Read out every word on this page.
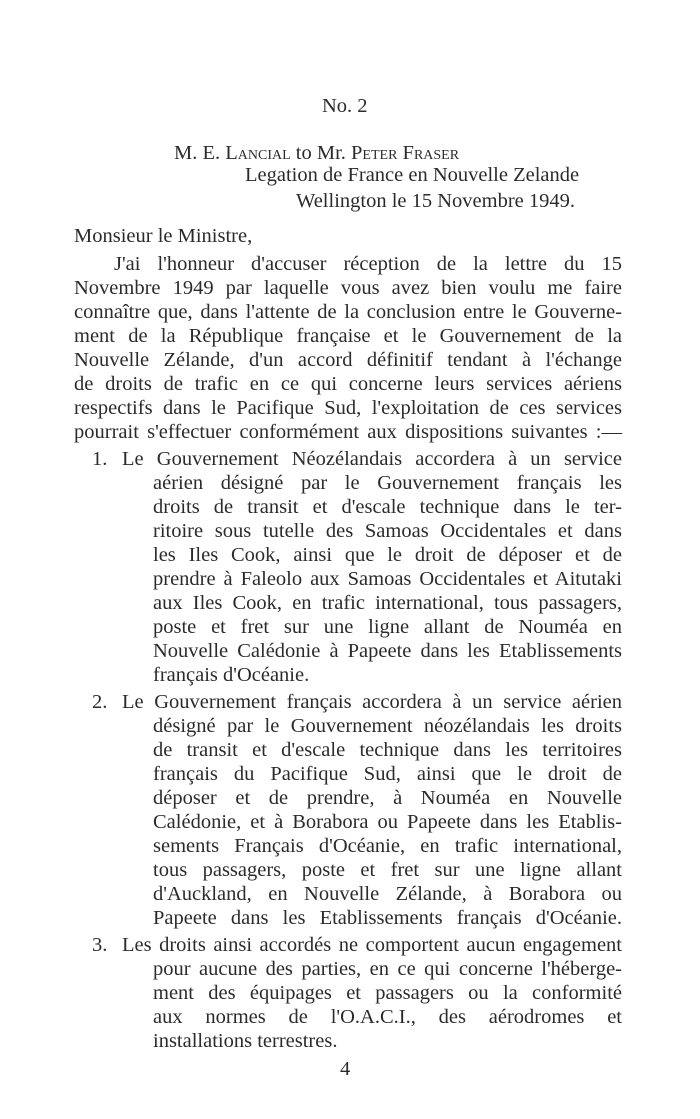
No. 2
M. E. Lancial to Mr. Peter Fraser
Legation de France en Nouvelle Zelande
Wellington le 15 Novembre 1949.
Monsieur le Ministre,
J'ai l'honneur d'accuser réception de la lettre du 15
Novembre 1949 par laquelle vous avez bien voulu me faire
connaître que, dans l'attente de la conclusion entre le Gouverne-
ment de la République française et le Gouvernement de la
Nouvelle Zélande, d'un accord définitif tendant à l'échange
de droits de trafic en ce qui concerne leurs services aériens
respectifs dans le Pacifique Sud, l'exploitation de ces services
pourrait s'effectuer conformément aux dispositions suivantes :—
1. Le Gouvernement Néozélandais accordera à un service
aérien désigné par le Gouvernement français les
droits de transit et d'escale technique dans le ter-
ritoire sous tutelle des Samoas Occidentales et dans
les Iles Cook, ainsi que le droit de déposer et de
prendre à Faleolo aux Samoas Occidentales et Aitutaki
aux Iles Cook, en trafic international, tous passagers,
poste et fret sur une ligne allant de Nouméa en
Nouvelle Calédonie à Papeete dans les Etablissements
français d'Océanie.
2. Le Gouvernement français accordera à un service aérien
désigné par le Gouvernement néozélandais les droits
de transit et d'escale technique dans les territoires
français du Pacifique Sud, ainsi que le droit de
déposer et de prendre, à Nouméa en Nouvelle
Calédonie, et à Borabora ou Papeete dans les Etablis-
sements Français d'Océanie, en trafic international,
tous passagers, poste et fret sur une ligne allant
d'Auckland, en Nouvelle Zélande, à Borabora ou
Papeete dans les Etablissements français d'Océanie.
3. Les droits ainsi accordés ne comportent aucun engagement
pour aucune des parties, en ce qui concerne l'héberge-
ment des équipages et passagers ou la conformité
aux normes de l'O.A.C.I., des aérodromes et
installations terrestres.
4
